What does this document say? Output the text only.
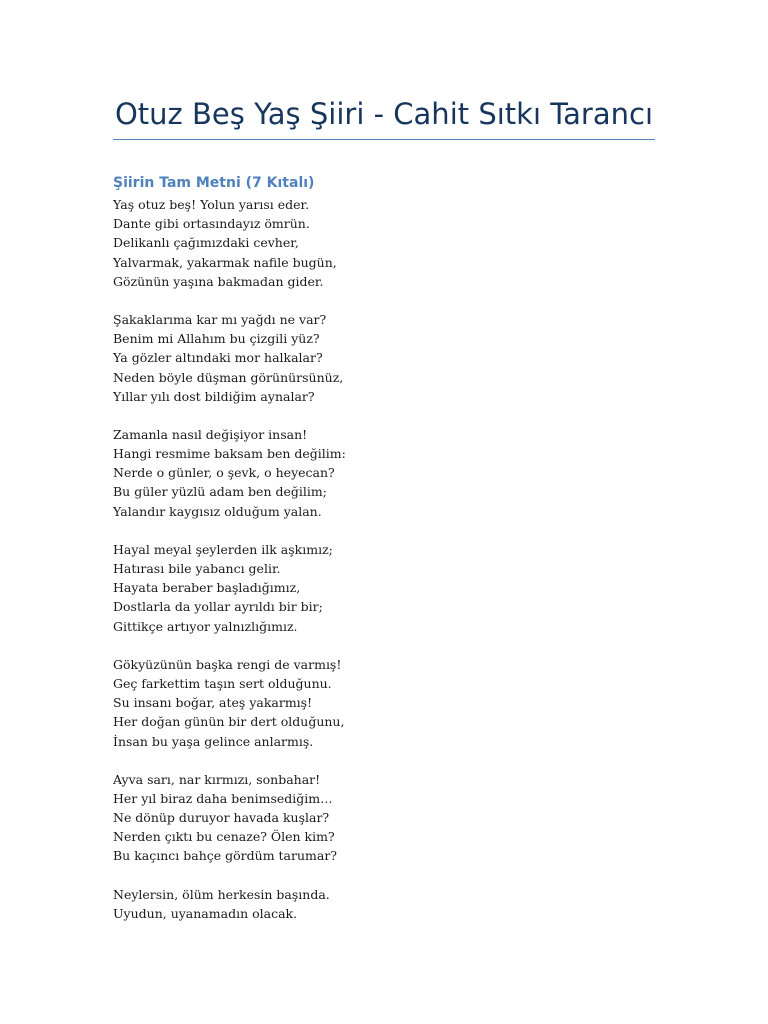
Otuz Beş Yaş Şiiri - Cahit Sıtkı Tarancı
Şiirin Tam Metni (7 Kıtalı)
Yaş otuz beş! Yolun yarısı eder.
Dante gibi ortasındayız ömrün.
Delikanlı çağımızdaki cevher,
Yalvarmak, yakarmak nafile bugün,
Gözünün yaşına bakmadan gider.
Şakaklarıma kar mı yağdı ne var?
Benim mi Allahım bu çizgili yüz?
Ya gözler altındaki mor halkalar?
Neden böyle düşman görünürsünüz,
Yıllar yılı dost bildiğim aynalar?
Zamanla nasıl değişiyor insan!
Hangi resmime baksam ben değilim:
Nerde o günler, o şevk, o heyecan?
Bu güler yüzlü adam ben değilim;
Yalandır kaygısız olduğum yalan.
Hayal meyal şeylerden ilk aşkımız;
Hatırası bile yabancı gelir.
Hayata beraber başladığımız,
Dostlarla da yollar ayrıldı bir bir;
Gittikçe artıyor yalnızlığımız.
Gökyüzünün başka rengi de varmış!
Geç farkettim taşın sert olduğunu.
Su insanı boğar, ateş yakarmış!
Her doğan günün bir dert olduğunu,
İnsan bu yaşa gelince anlarmış.
Ayva sarı, nar kırmızı, sonbahar!
Her yıl biraz daha benimsediğim…
Ne dönüp duruyor havada kuşlar?
Nerden çıktı bu cenaze? Ölen kim?
Bu kaçıncı bahçe gördüm tarumar?
Neylersin, ölüm herkesin başında.
Uyudun, uyanamadın olacak.
